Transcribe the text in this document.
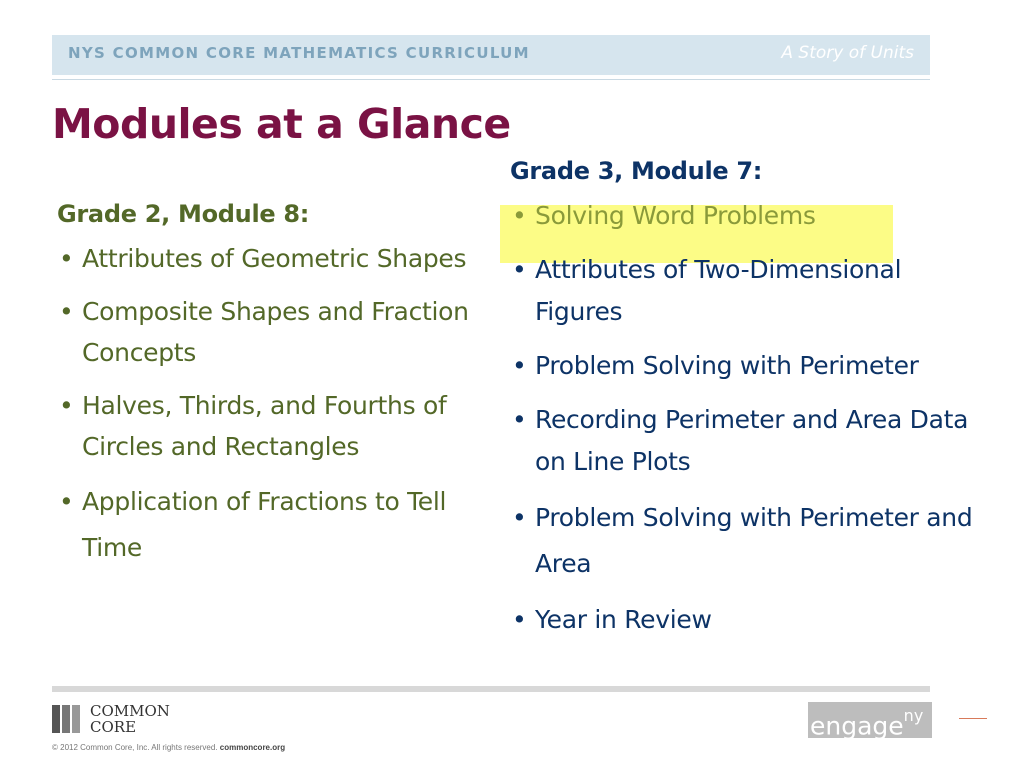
NYS COMMON CORE MATHEMATICS CURRICULUM	A Story of Units
Modules at a Glance
Grade 2, Module 8:
• Attributes of Geometric Shapes
• Composite Shapes and Fraction Concepts
• Halves, Thirds, and Fourths of Circles and Rectangles
• Application of Fractions to Tell Time
Grade 3, Module 7:
• Solving Word Problems
• Attributes of Two-Dimensional Figures
• Problem Solving with Perimeter
• Recording Perimeter and Area Data on Line Plots
• Problem Solving with Perimeter and Area
• Year in Review
COMMON
CORE
© 2012 Common Core, Inc. All rights reserved. commoncore.org
engage$^{ny}$
